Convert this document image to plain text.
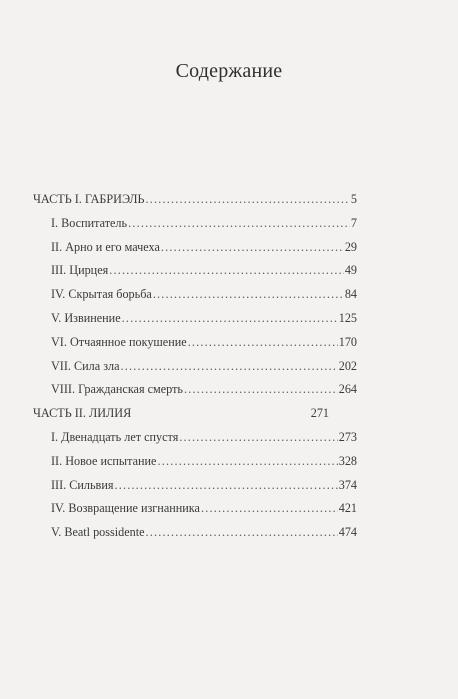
Содержание
ЧАСТЬ I. ГАБРИЭЛЬ .....	5
I. Воспитатель .....	7
II. Арно и его мачеха .....	29
III. Цирцея .....	49
IV. Скрытая борьба .....	84
V. Извинение .....	125
VI. Отчаянное покушение .....	170
VII. Сила зла .....	202
VIII. Гражданская смерть .....	264
ЧАСТЬ II. ЛИЛИЯ	271
I. Двенадцать лет спустя .....	273
II. Новое испытание .....	328
III. Сильвия .....	374
IV. Возвращение изгнанника .....	421
V. Beatl possidente .....	474
